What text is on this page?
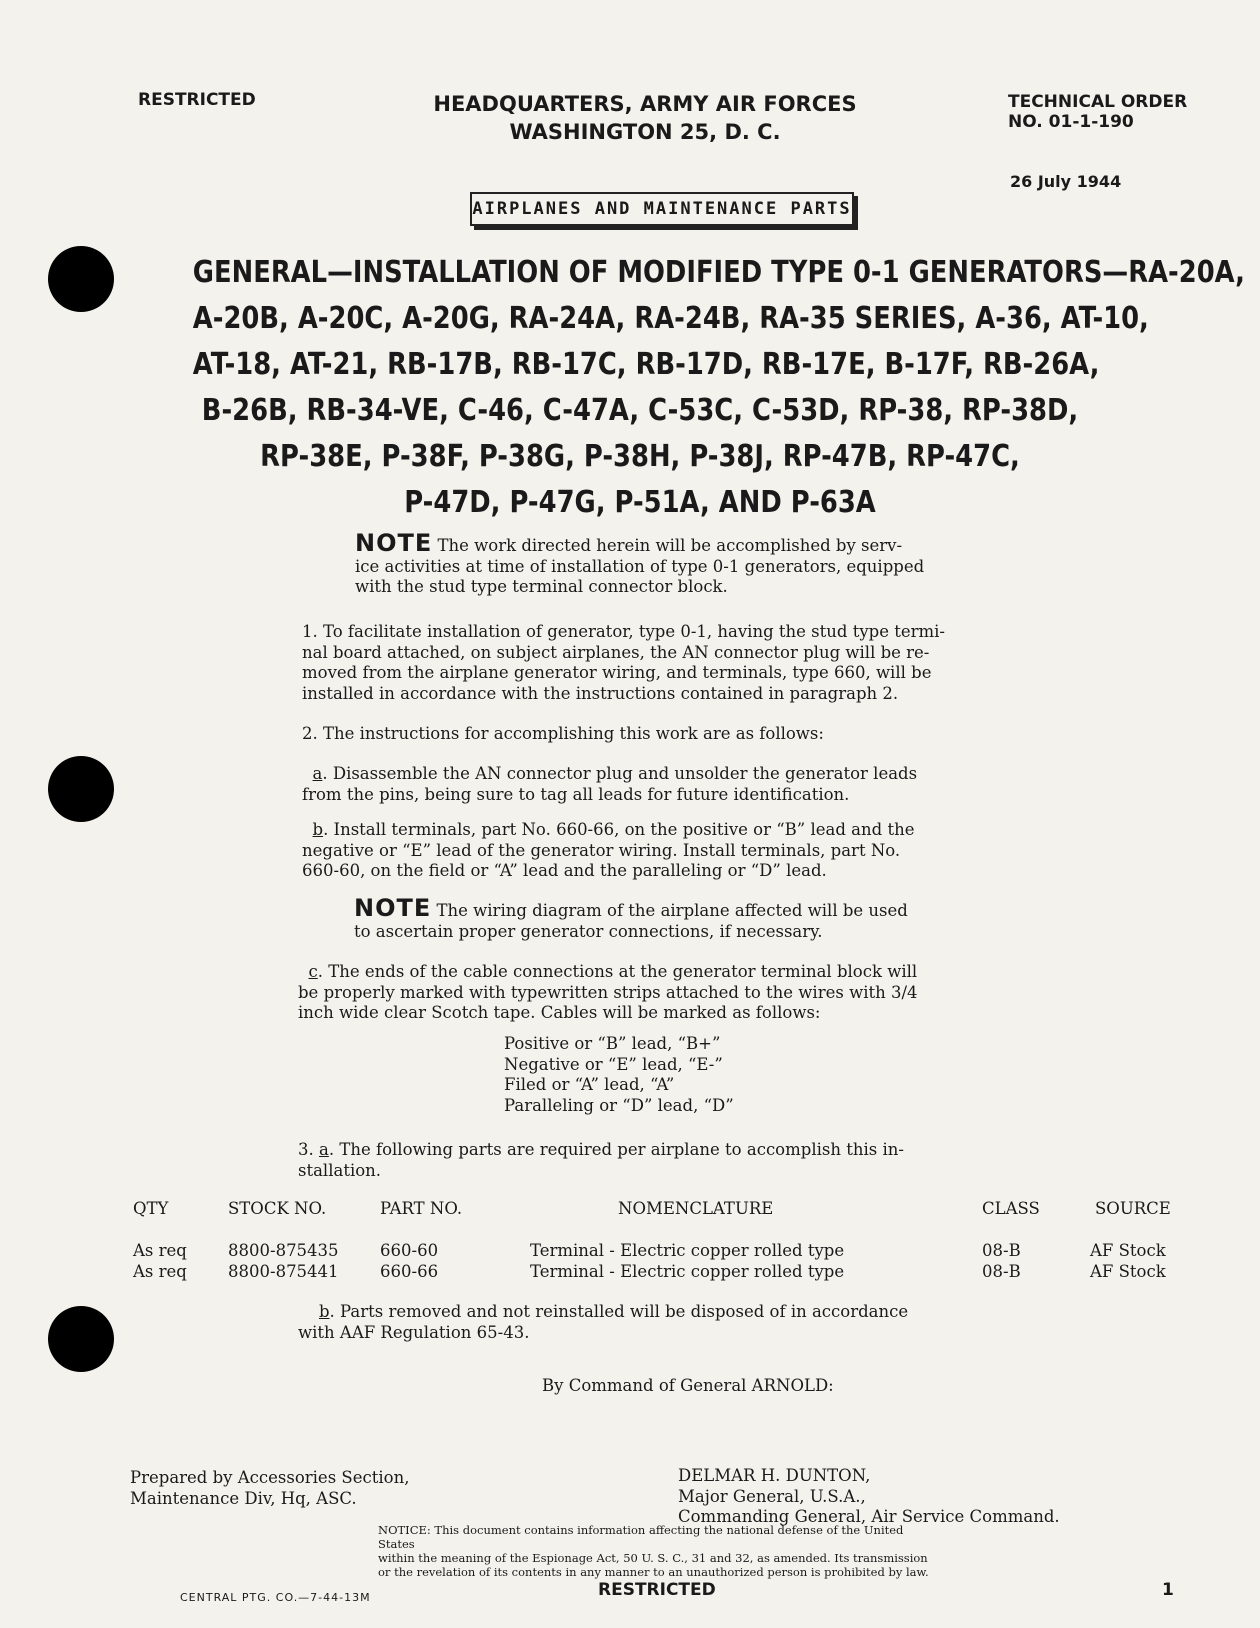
RESTRICTED	HEADQUARTERS, ARMY AIR FORCES
WASHINGTON 25, D. C.
TECHNICAL ORDER
NO. 01-1-190
26 July 1944
AIRPLANES AND MAINTENANCE PARTS
GENERAL—INSTALLATION OF MODIFIED TYPE 0-1 GENERATORS—RA-20A,
A-20B, A-20C, A-20G, RA-24A, RA-24B, RA-35 SERIES, A-36, AT-10,
AT-18, AT-21, RB-17B, RB-17C, RB-17D, RB-17E, B-17F, RB-26A,
B-26B, RB-34-VE, C-46, C-47A, C-53C, C-53D, RP-38, RP-38D,
RP-38E, P-38F, P-38G, P-38H, P-38J, RP-47B, RP-47C,
P-47D, P-47G, P-51A, AND P-63A
NOTE The work directed herein will be accomplished by serv-
ice activities at time of installation of type 0-1 generators, equipped
with the stud type terminal connector block.
1. To facilitate installation of generator, type 0-1, having the stud type termi-
nal board attached, on subject airplanes, the AN connector plug will be re-
moved from the airplane generator wiring, and terminals, type 660, will be
installed in accordance with the instructions contained in paragraph 2.
2. The instructions for accomplishing this work are as follows:
a. Disassemble the AN connector plug and unsolder the generator leads
from the pins, being sure to tag all leads for future identification.
b. Install terminals, part No. 660-66, on the positive or “B” lead and the
negative or “E” lead of the generator wiring. Install terminals, part No.
660-60, on the field or “A” lead and the paralleling or “D” lead.
NOTE The wiring diagram of the airplane affected will be used
to ascertain proper generator connections, if necessary.
c. The ends of the cable connections at the generator terminal block will
be properly marked with typewritten strips attached to the wires with 3/4
inch wide clear Scotch tape. Cables will be marked as follows:
Positive or “B” lead, “B+”
Negative or “E” lead, “E-”
Filed or “A” lead, “A”
Paralleling or “D” lead, “D”
3. a. The following parts are required per airplane to accomplish this in-
stallation.
QTY	STOCK NO.	PART NO.	NOMENCLATURE	CLASS	SOURCE
As req 8800-875435	660-60	Terminal - Electric copper rolled type	08-B	AF Stock
As req 8800-875441	660-66	Terminal - Electric copper rolled type	08-B	AF Stock
b. Parts removed and not reinstalled will be disposed of in accordance
with AAF Regulation 65-43.
By Command of General ARNOLD:
DELMAR H. DUNTON,
Major General, U.S.A.,
Commanding General, Air Service Command.
Prepared by Accessories Section,
Maintenance Div, Hq, ASC.
NOTICE: This document contains information affecting the national defense of the United States
within the meaning of the Espionage Act, 50 U. S. C., 31 and 32, as amended. Its transmission
or the revelation of its contents in any manner to an unauthorized person is prohibited by law.
CENTRAL PTG. CO.—7-44-13M	RESTRICTED	1
